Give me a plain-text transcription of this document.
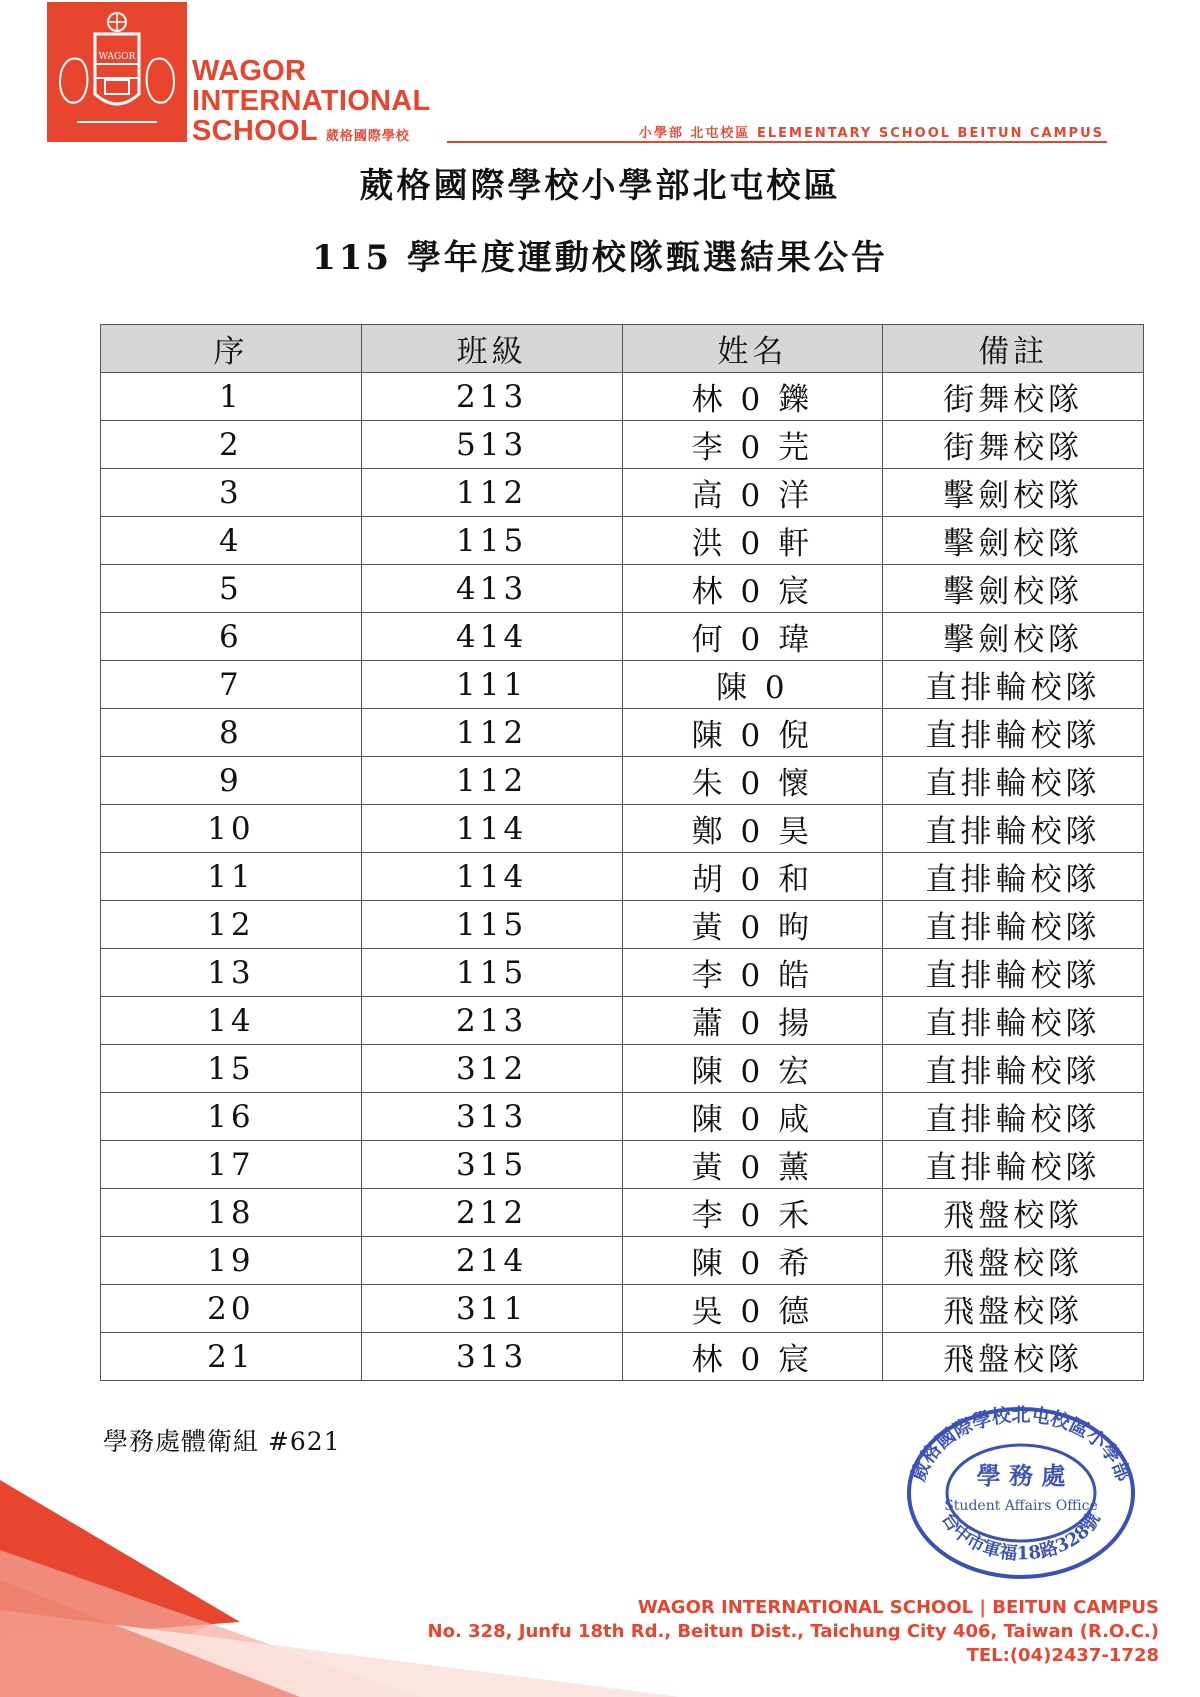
WAGOR WAGOR
INTERNATIONAL
SCHOOL 葳格國際學校	小學部 北屯校區 ELEMENTARY SCHOOL BEITUN CAMPUS
葳格國際學校小學部北屯校區
115 學年度運動校隊甄選結果公告
序	班級	姓名	備註
1	213	林 0 鑠	街舞校隊
2	513	李 0 芫	街舞校隊
3	112	高 0 洋	擊劍校隊
4	115	洪 0 軒	擊劍校隊
5	413	林 0 宸	擊劍校隊
6	414	何 0 瑋	擊劍校隊
7	111	陳 0	直排輪校隊
8	112	陳 0 倪	直排輪校隊
9	112	朱 0 懷	直排輪校隊
10	114	鄭 0 昊	直排輪校隊
11	114	胡 0 和	直排輪校隊
12	115	黃 0 昫	直排輪校隊
13	115	李 0 皓	直排輪校隊
14	213	蕭 0 揚	直排輪校隊
15	312	陳 0 宏	直排輪校隊
16	313	陳 0 咸	直排輪校隊
17	315	黃 0 薰	直排輪校隊
18	212	李 0 禾	飛盤校隊
19	214	陳 0 希	飛盤校隊
20	311	吳 0 德	飛盤校隊
21	313	林 0 宸	飛盤校隊
學務處體衛組 #621
葳格國際學校北屯校區小學部
台中市軍福18路328號
學 務 處
Student Affairs Office
WAGOR INTERNATIONAL SCHOOL | BEITUN CAMPUS
No. 328, Junfu 18th Rd., Beitun Dist., Taichung City 406, Taiwan (R.O.C.)
TEL:(04)2437-1728
